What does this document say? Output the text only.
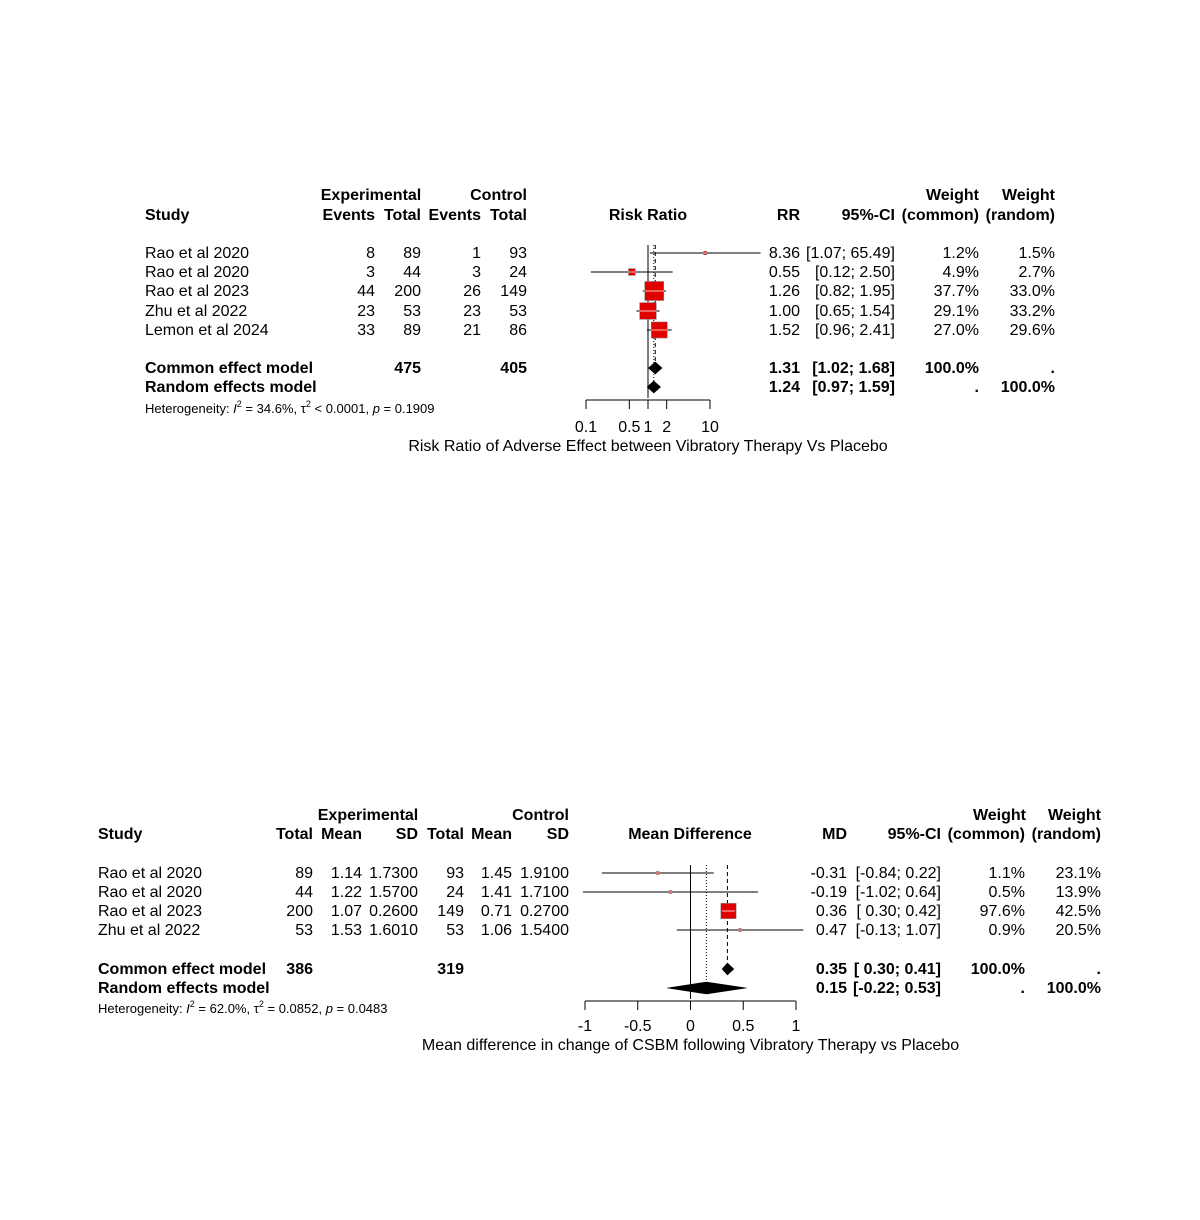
Experimental	Control	Weight Weight
Study	Events Total Events Total	Risk Ratio	RR	95%-CI (common) (random)
Rao et al 2020	8 89	1 93	8.36 [1.07; 65.49]	1.2% 1.5%
Rao et al 2020	3 44	3 24	0.55 [0.12; 2.50]	4.9% 2.7%
Rao et al 2023	44 200	26 149	1.26 [0.82; 1.95] 37.7% 33.0%
Zhu et al 2022	23 53	23 53	1.00 [0.65; 1.54] 29.1% 33.2%
Lemon et al 2024	33 89	21 86	1.52 [0.96; 2.41] 27.0% 29.6%
Common effect model	475	405	1.31 [1.02; 1.68] 100.0%	.
Random effects model	1.24 [0.97; 1.59]	. 100.0%
Heterogeneity: $I^2 = 34.6\%$, $\tau^2 < 0.0001$, p = 0.1909
0.1 0.5 1 2 10
Risk Ratio of Adverse Effect between Vibratory Therapy Vs Placebo
Experimental	Control	Weight Weight
Study	Total Mean SD Total Mean SD	Mean Difference	MD	95%-CI (common) (random)
Rao et al 2020	89 1.14 1.7300 93 1.45 1.9100	-0.31 [-0.84; 0.22]	1.1% 23.1%
Rao et al 2020	44 1.22 1.5700 24 1.41 1.7100	-0.19 [-1.02; 0.64]	0.5% 13.9%
Rao et al 2023	200 1.07 0.2600 149 0.71 0.2700	0.36 [ 0.30; 0.42] 97.6% 42.5%
Zhu et al 2022	53 1.53 1.6010 53 1.06 1.5400	0.47 [-0.13; 1.07]	0.9% 20.5%
Common effect model 386	319	0.35 [ 0.30; 0.41] 100.0%	.
Random effects model	0.15 [-0.22; 0.53]	. 100.0%
Heterogeneity: $I^2 = 62.0\%$, $\tau^2 = 0.0852$, p = 0.0483
-1 -0.5 0 0.5 1
Mean difference in change of CSBM following Vibratory Therapy vs Placebo
